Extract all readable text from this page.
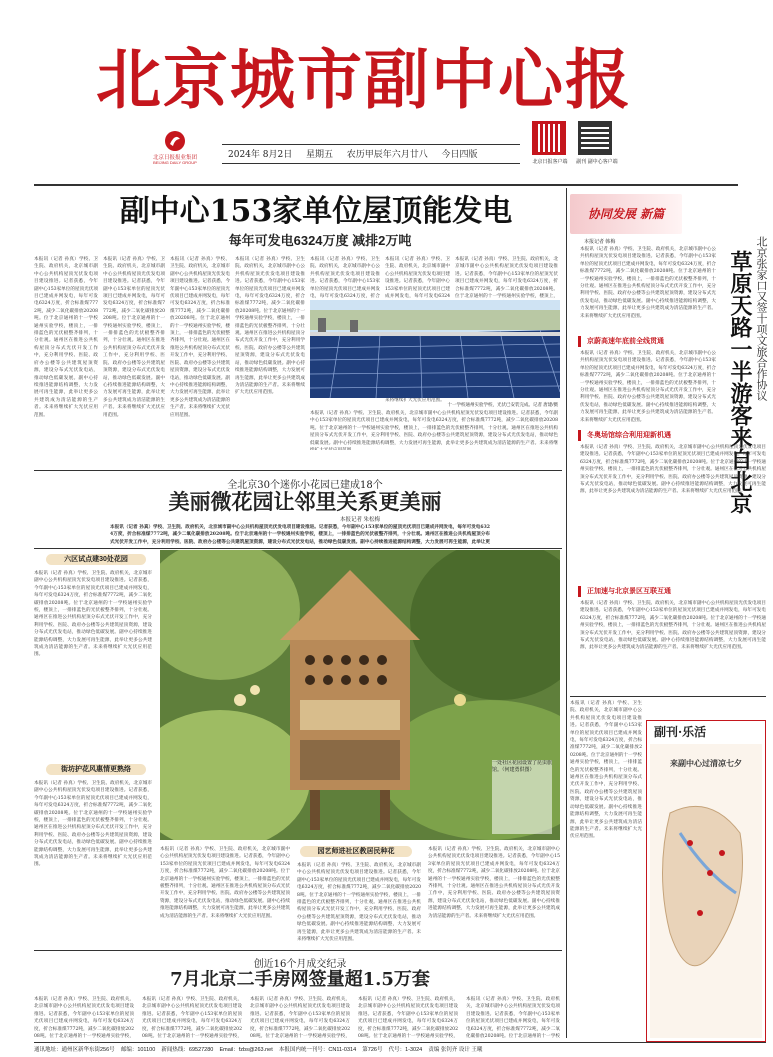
北京城市副中心报
北京日报报业集团
BEIJING DAILY GROUP
2024年 8月2日 星期五 农历甲辰年六月廿八 今日四版
北京日报客户端	副刊 副中心客户端
副中心153家单位屋顶能发电
每年可发电6324万度 减排2万吨
本报讯（记者 孙真）学校、卫生院、政府机关，北京城市副中心公共机构屋顶光伏发电项目建设推进。记者获悉，今年副中心153家单位的屋顶光伏项目已建成并网发电，每年可发电6324万度，折合标准煤7772吨，减少二氧化碳排放20208吨。位于北京通州的十一学校通州实验学校，楼顶上，一排排蓝色的光伏板整齐排列，十分壮观。通州区在推进公共机构屋顶分布式光伏开发工作中，充分利用学校、医院、政府办公楼等公共建筑屋顶资源，建设分布式光伏发电站，推动绿色低碳发展。副中心持续推进能源结构调整，大力发展可再生能源，此举让更多公共建筑成为清洁能源的生产者。未来将继续扩大光伏应用范围。
本报讯（记者 孙真）学校、卫生院、政府机关，北京城市副中心公共机构屋顶光伏发电项目建设推进。记者获悉，今年副中心153家单位的屋顶光伏项目已建成并网发电，每年可发电6324万度，折合标准煤7772吨，减少二氧化碳排放20208吨。位于北京通州的十一学校通州实验学校，楼顶上，一排排蓝色的光伏板整齐排列，十分壮观。通州区在推进公共机构屋顶分布式光伏开发工作中，充分利用学校、医院、政府办公楼等公共建筑屋顶资源，建设分布式光伏发电站，推动绿色低碳发展。副中心持续推进能源结构调整，大力发展可再生能源，此举让更多公共建筑成为清洁能源的生产者。未来将继续扩大光伏应用范围。
本报讯（记者 孙真）学校、卫生院、政府机关，北京城市副中心公共机构屋顶光伏发电项目建设推进。记者获悉，今年副中心153家单位的屋顶光伏项目已建成并网发电，每年可发电6324万度，折合标准煤7772吨，减少二氧化碳排放20208吨。位于北京通州的十一学校通州实验学校，楼顶上，一排排蓝色的光伏板整齐排列，十分壮观。通州区在推进公共机构屋顶分布式光伏开发工作中，充分利用学校、医院、政府办公楼等公共建筑屋顶资源，建设分布式光伏发电站，推动绿色低碳发展。副中心持续推进能源结构调整，大力发展可再生能源，此举让更多公共建筑成为清洁能源的生产者。未来将继续扩大光伏应用范围。
本报讯（记者 孙真）学校、卫生院、政府机关，北京城市副中心公共机构屋顶光伏发电项目建设推进。记者获悉，今年副中心153家单位的屋顶光伏项目已建成并网发电，每年可发电6324万度，折合标准煤7772吨，减少二氧化碳排放20208吨。位于北京通州的十一学校通州实验学校，楼顶上，一排排蓝色的光伏板整齐排列，十分壮观。通州区在推进公共机构屋顶分布式光伏开发工作中，充分利用学校、医院、政府办公楼等公共建筑屋顶资源，建设分布式光伏发电站，推动绿色低碳发展。副中心持续推进能源结构调整，大力发展可再生能源，此举让更多公共建筑成为清洁能源的生产者。未来将继续扩大光伏应用范围。
本报讯（记者 孙真）学校、卫生院、政府机关，北京城市副中心公共机构屋顶光伏发电项目建设推进。记者获悉，今年副中心153家单位的屋顶光伏项目已建成并网发电，每年可发电6324万度，折合
本报讯（记者 孙真）学校、卫生院、政府机关，北京城市副中心公共机构屋顶光伏发电项目建设推进。记者获悉，今年副中心153家单位的屋顶光伏项目已建成并网发电，每年可发电6324 来将继续扩大光伏应用范围。
本报讯（记者 孙真）学校、卫生院、政府机关，北京城市副中心公共机构屋顶光伏发电项目建设推进。记者获悉，今年副中心153家单位的屋顶光伏项目已建成并网发电，每年可发电6324万度，折合标准煤7772吨，减少二氧化碳排放20208吨。位于北京通州的十一学校通州实验学校，楼顶上，
十一学校通州实验学校，光伏已安装完成。记者 唐建/摄
本报讯（记者 孙真）学校、卫生院、政府机关，北京城市副中心公共机构屋顶光伏发电项目建设推进。记者获悉，今年副中心153家单位的屋顶光伏项目已建成并网发电，每年可发电6324万度，折合标准煤7772吨，减少二氧化碳排放20208吨。位于北京通州的十一学校通州实验学校，楼顶上，一排排蓝色的光伏板整齐排列，十分壮观。通州区在推进公共机构屋顶分布式光伏开发工作中，充分利用学校、医院、政府办公楼等公共建筑屋顶资源，建设分布式光伏发电站，推动绿色低碳发展。副中心持续推进能源结构调整，大力发展可再生能源，此举让更多公共建筑成为清洁能源的生产者。未来将继
全北京30个迷你小花园已建成18个
美丽微花园让邻里关系更美丽
本报记者 朱松梅
本报讯（记者 孙真）学校、卫生院、政府机关，北京城市副中心公共机构屋顶光伏发电项目建设推进。记者获悉，今年副中心153家单位的屋顶光伏项目已建成并网发电，每年可发电6324万度，折合标准煤7772吨，减少二氧化碳排放20208吨。位于北京通州的十一学校通州实验学校，楼顶上，一排排蓝色的光伏板整齐排列，十分壮观。通州区在推进公共机构屋顶分布式光伏开发工作中，充分利用学校、医院、政府办公楼等公共建筑屋顶资源，建设分布式光伏发电站，推动绿色低碳发展。副中心持续推进能源结构调整，大力发展可再生能源，此举让更
六区试点建30处花园
本报讯（记者 孙真）学校、卫生院、政府机关，北京城市副中心公共机构屋顶光伏发电项目建设推进。记者获悉，今年副中心153家单位的屋顶光伏项目已建成并网发电，每年可发电6324万度，折合标准煤7772吨，减少二氧化碳排放20208吨。位于北京通州的十一学校通州实验学校，楼顶上，一排排蓝色的光伏板整齐排列，十分壮观。通州区在推进公共机构屋顶分布式光伏开发工作中，充分利用学校、医院、政府办公楼等公共建筑屋顶资源，建设分布式光伏发电站，推动绿色低碳发展。副中心持续推进能源结构调整，大力发展可再生能源，此举让更多公共建筑成为清洁能源的生产者。未来将继续扩大光伏应用范围。
街坊护花风惠情更熟络
本报讯（记者 孙真）学校、卫生院、政府机关，北京城市副中心公共机构屋顶光伏发电项目建设推进。记者获悉，今年副中心153家单位的屋顶光伏项目已建成并网发电，每年可发电6324万度，折合标准煤7772吨，减少二氧化碳排放20208吨。位于北京通州的十一学校通州实验学校，楼顶上，一排排蓝色的光伏板整齐排列，十分壮观。通州区在推进公共机构屋顶分布式光伏开发工作中，充分利用学校、医院、政府办公楼等公共建筑屋顶资源，建设分布式光伏发电站，推动绿色低碳发展。副中心持续推进能源结构调整，大力发展可再生能源，此举让更多公共建筑成为清洁能源的生产者。未来将继续扩大光伏应用范围。
一处社区花园设置了昆虫旅馆。（何建勇供图）
本报讯（记者 孙真）学校、卫生院、政府机关，北京城市副中心公共机构屋顶光伏发电项目建设推进。记者获悉，今年副中心153家单位的屋顶光伏项目已建成并网发电，每年可发电6324万度，折合标准煤7772吨，减少二氧化碳排放20208吨。位于北京通州的十一学校通州实验学校，楼顶上，一排排蓝色的光伏板整齐排列，十分壮观。通州区在推进公共机构屋顶分布式光伏开发工作中，充分利用学校、医院、政府办公楼等公共建筑屋顶资源，建设分布式光伏发电站，推动绿色低碳发展。副中心持续推进能源结构调整，大力发展可再生能源，此举让更多公共建筑成为清洁能源的生产者。未来将继续扩大光伏应用范围。
园艺师进社区教居民种花
本报讯（记者 孙真）学校、卫生院、政府机关，北京城市副中心公共机构屋顶光伏发电项目建设推进。记者获悉，今年副中心153家单位的屋顶光伏项目已建成并网发电，每年可发电6324万度，折合标准煤7772吨，减少二氧化碳排放20208吨。位于北京通州的十一学校通州实验学校，楼顶上，一排排蓝色的光伏板整齐排列，十分壮观。通州区在推进公共机构屋顶分布式光伏开发工作中，充分利用学校、医院、政府办公楼等公共建筑屋顶资源，建设分布式光伏发电站，推动绿色低碳发展。副中心持续推进能源结构调整，大力发展可再生能源，此举让更多公共建筑成为清洁能源的生产者。未来将继续扩大光伏应用范围。
本报讯（记者 孙真）学校、卫生院、政府机关，北京城市副中心公共机构屋顶光伏发电项目建设推进。记者获悉，今年副中心153家单位的屋顶光伏项目已建成并网发电，每年可发电6324万度，折合标准煤7772吨，减少二氧化碳排放20208吨。位于北京通州的十一学校通州实验学校，楼顶上，一排排蓝色的光伏板整齐排列，十分壮观。通州区在推进公共机构屋顶分布式光伏开发工作中，充分利用学校、医院、政府办公楼等公共建筑屋顶资源，建设分布式光伏发电站，推动绿色低碳发展。副中心持续推进能源结构调整，大力发展可再生能源，此举让更多公共建筑成为清洁能源的生产者。未来将继续扩大光伏应用范围。
创近16个月成交纪录
7月北京二手房网签量超1.5万套
本报讯（记者 孙真）学校、卫生院、政府机关，北京城市副中心公共机构屋顶光伏发电项目建设推进。记者获悉，今年副中心153家单位的屋顶光伏项目已建成并网发电，每年可发电6324万度，折合标准煤7772吨，减少二氧化碳排放20208吨。位于北京通州的十一学校通州实验学校，
本报讯（记者 孙真）学校、卫生院、政府机关，北京城市副中心公共机构屋顶光伏发电项目建设推进。记者获悉，今年副中心153家单位的屋顶光伏项目已建成并网发电，每年可发电6324万度，折合标准煤7772吨，减少二氧化碳排放20208吨。位于北京通州的十一学校通州实验学校，
本报讯（记者 孙真）学校、卫生院、政府机关，北京城市副中心公共机构屋顶光伏发电项目建设推进。记者获悉，今年副中心153家单位的屋顶光伏项目已建成并网发电，每年可发电6324万度，折合标准煤7772吨，减少二氧化碳排放20208吨。位于北京通州的十一学校通州实验学校，
本报讯（记者 孙真）学校、卫生院、政府机关，北京城市副中心公共机构屋顶光伏发电项目建设推进。记者获悉，今年副中心153家单位的屋顶光伏项目已建成并网发电，每年可发电6324万度，折合标准煤7772吨，减少二氧化碳排放20208吨。位于北京通州的十一学校通州实验学校，
本报讯（记者 孙真）学校、卫生院、政府机关，北京城市副中心公共机构屋顶光伏发电项目建设推进。记者获悉，今年副中心153家单位的屋顶光伏项目已建成并网发电，每年可发电6324万度，折合标准煤7772吨，减少二氧化碳排放20208吨。位于北京通州的十一学校
协同发展 新篇
北京张家口又签十项文旅合作协议
草原天路一半游客来自北京
本报记者 韩梅
本报讯（记者 孙真）学校、卫生院、政府机关，北京城市副中心公共机构屋顶光伏发电项目建设推进。记者获悉，今年副中心153家单位的屋顶光伏项目已建成并网发电，每年可发电6324万度，折合标准煤7772吨，减少二氧化碳排放20208吨。位于北京通州的十一学校通州实验学校，楼顶上，一排排蓝色的光伏板整齐排列，十分壮观。通州区在推进公共机构屋顶分布式光伏开发工作中，充分利用学校、医院、政府办公楼等公共建筑屋顶资源，建设分布式光伏发电站，推动绿色低碳发展。副中心持续推进能源结构调整，大力发展可再生能源，此举让更多公共建筑成为清洁能源的生产者。未来将继续扩大光伏应用范围。
京蔚高速年底前全线贯通
本报讯（记者 孙真）学校、卫生院、政府机关，北京城市副中心公共机构屋顶光伏发电项目建设推进。记者获悉，今年副中心153家单位的屋顶光伏项目已建成并网发电，每年可发电6324万度，折合标准煤7772吨，减少二氧化碳排放20208吨。位于北京通州的十一学校通州实验学校，楼顶上，一排排蓝色的光伏板整齐排列，十分壮观。通州区在推进公共机构屋顶分布式光伏开发工作中，充分利用学校、医院、政府办公楼等公共建筑屋顶资源，建设分布式光伏发电站，推动绿色低碳发展。副中心持续推进能源结构调整，大力发展可再生能源，此举让更多公共建筑成为清洁能源的生产者。未来将继续扩大光伏应用范围。
冬奥场馆综合利用迎新机遇
本报讯（记者 孙真）学校、卫生院、政府机关，北京城市副中心公共机构屋顶光伏发电项目建设推进。记者获悉，今年副中心153家单位的屋顶光伏项目已建成并网发电，每年可发电6324万度，折合标准煤7772吨，减少二氧化碳排放20208吨。位于北京通州的十一学校通州实验学校，楼顶上，一排排蓝色的光伏板整齐排列，十分壮观。通州区在推进公共机构屋顶分布式光伏开发工作中，充分利用学校、医院、政府办公楼等公共建筑屋顶资源，建设分布式光伏发电站，推动绿色低碳发展。副中心持续推进能源结构调整，大力发展可再生能源，此举让更多公共建筑成为清洁能源的生产者。未来将继续扩大光伏应用范围。
正加速与北京景区互联互通
本报讯（记者 孙真）学校、卫生院、政府机关，北京城市副中心公共机构屋顶光伏发电项目建设推进。记者获悉，今年副中心153家单位的屋顶光伏项目已建成并网发电，每年可发电6324万度，折合标准煤7772吨，减少二氧化碳排放20208吨。位于北京通州的十一学校通州实验学校，楼顶上，一排排蓝色的光伏板整齐排列，十分壮观。通州区在推进公共机构屋顶分布式光伏开发工作中，充分利用学校、医院、政府办公楼等公共建筑屋顶资源，建设分布式光伏发电站，推动绿色低碳发展。副中心持续推进能源结构调整，大力发展可再生能源，此举让更多公共建筑成为清洁能源的生产者。未来将继续扩大光伏应用范围。
副刊·乐活
来副中心过清凉七夕
本报讯（记者 孙真）学校、卫生院、政府机关，北京城市副中心公共机构屋顶光伏发电项目建设推进。记者获悉，今年副中心153家单位的屋顶光伏项目已建成并网发电，每年可发电6324万度，折合标准煤7772吨，减少二氧化碳排放20208吨。位于北京通州的十一学校通州实验学校，楼顶上，一排排蓝色的光伏板整齐排列，十分壮观。通州区在推进公共机构屋顶分布式光伏开发工作中，充分利用学校、医院、政府办公楼等公共建筑屋顶资源，建设分布式光伏发电站，推动绿色低碳发展。副中心持续推进能源结构调整，大力发展可再生能源，此举让更多公共建筑成为清洁能源的生产者。未来将继续扩大光伏应用范围。
通讯地址：通州区新华东街256号 邮编：101100 新闻热线：69527280 Email：fzbs@263.net 本报国内统一刊号：CN11-0314 第726号 代号：1-3024 责编 张钊齐 设计 王曦
